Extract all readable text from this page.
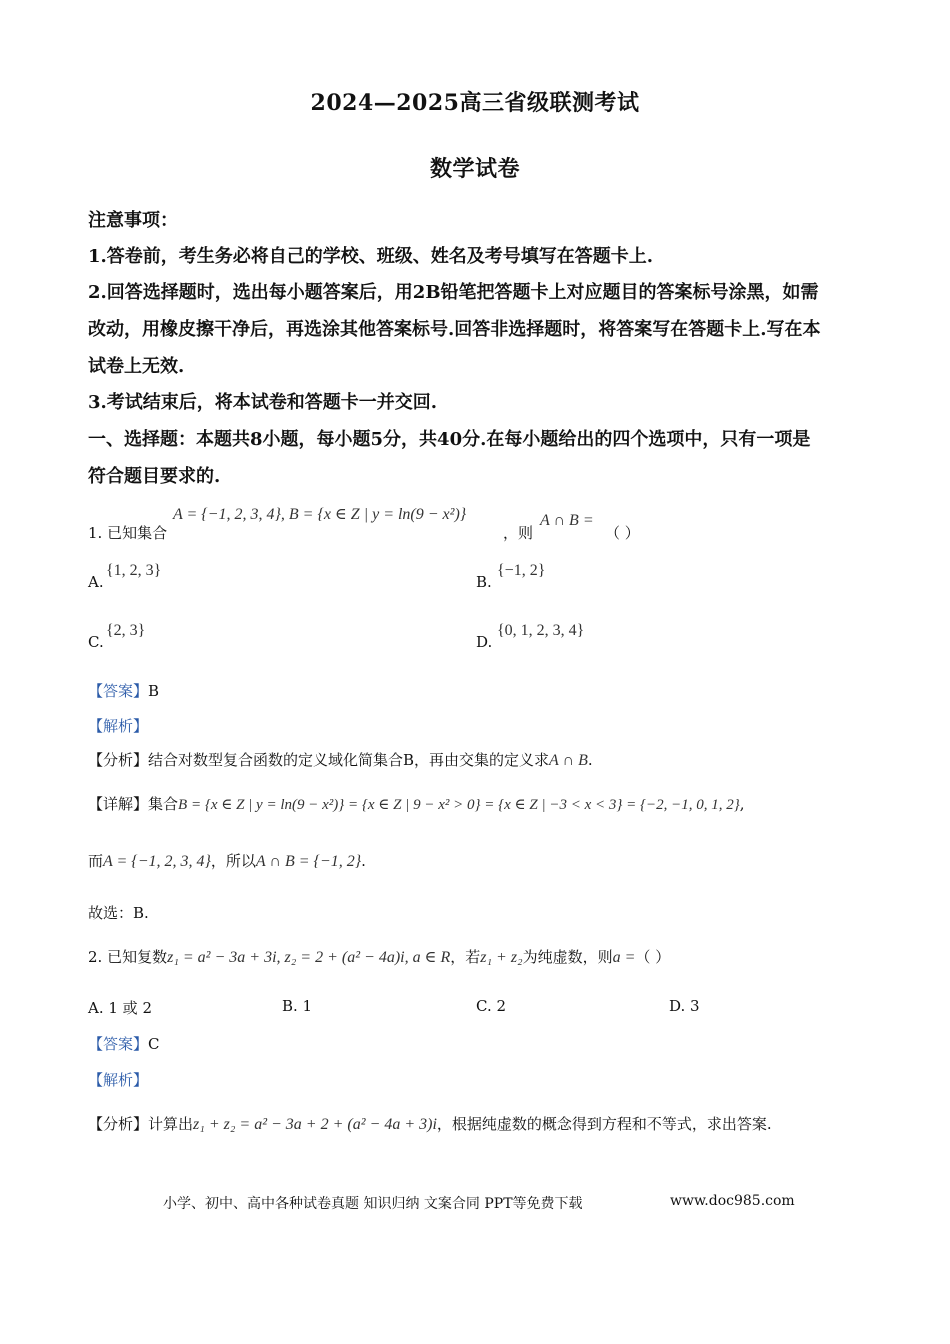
2024—2025高三省级联测考试
数学试卷
注意事项：
1.答卷前，考生务必将自己的学校、班级、姓名及考号填写在答题卡上.
2.回答选择题时，选出每小题答案后，用2B铅笔把答题卡上对应题目的答案标号涂黑，如需
改动，用橡皮擦干净后，再选涂其他答案标号.回答非选择题时，将答案写在答题卡上.写在本
试卷上无效.
3.考试结束后，将本试卷和答题卡一并交回.
一、选择题：本题共8小题，每小题5分，共40分.在每小题给出的四个选项中，只有一项是
符合题目要求的.
1. 已知集合
A = {−1, 2, 3, 4}, B = {x ∈ Z | y = ln(9 − x²)}
，则
A ∩ B =
（ ）
A.
{1, 2, 3}
B.
{−1, 2}
C.
{2, 3}
D.
{0, 1, 2, 3, 4}
【答案】B
【解析】
【分析】结合对数型复合函数的定义域化简集合B，再由交集的定义求A ∩ B.
【详解】集合B = {x ∈ Z | y = ln(9 − x²)} = {x ∈ Z | 9 − x² > 0} = {x ∈ Z | −3 < x < 3} = {−2, −1, 0, 1, 2},
而A = {−1, 2, 3, 4}，所以A ∩ B = {−1, 2}.
故选：B.
2. 已知复数z₁ = a² − 3a + 3i, z₂ = 2 + (a² − 4a)i, a ∈ R，若z₁ + z₂为纯虚数，则a =（ ）
A. 1 或 2	B. 1	C. 2	D. 3
【答案】C
【解析】
【分析】计算出z₁ + z₂ = a² − 3a + 2 + (a² − 4a + 3)i，根据纯虚数的概念得到方程和不等式，求出答案.
小学、初中、高中各种试卷真题 知识归纳 文案合同 PPT等免费下载	www.doc985.com
